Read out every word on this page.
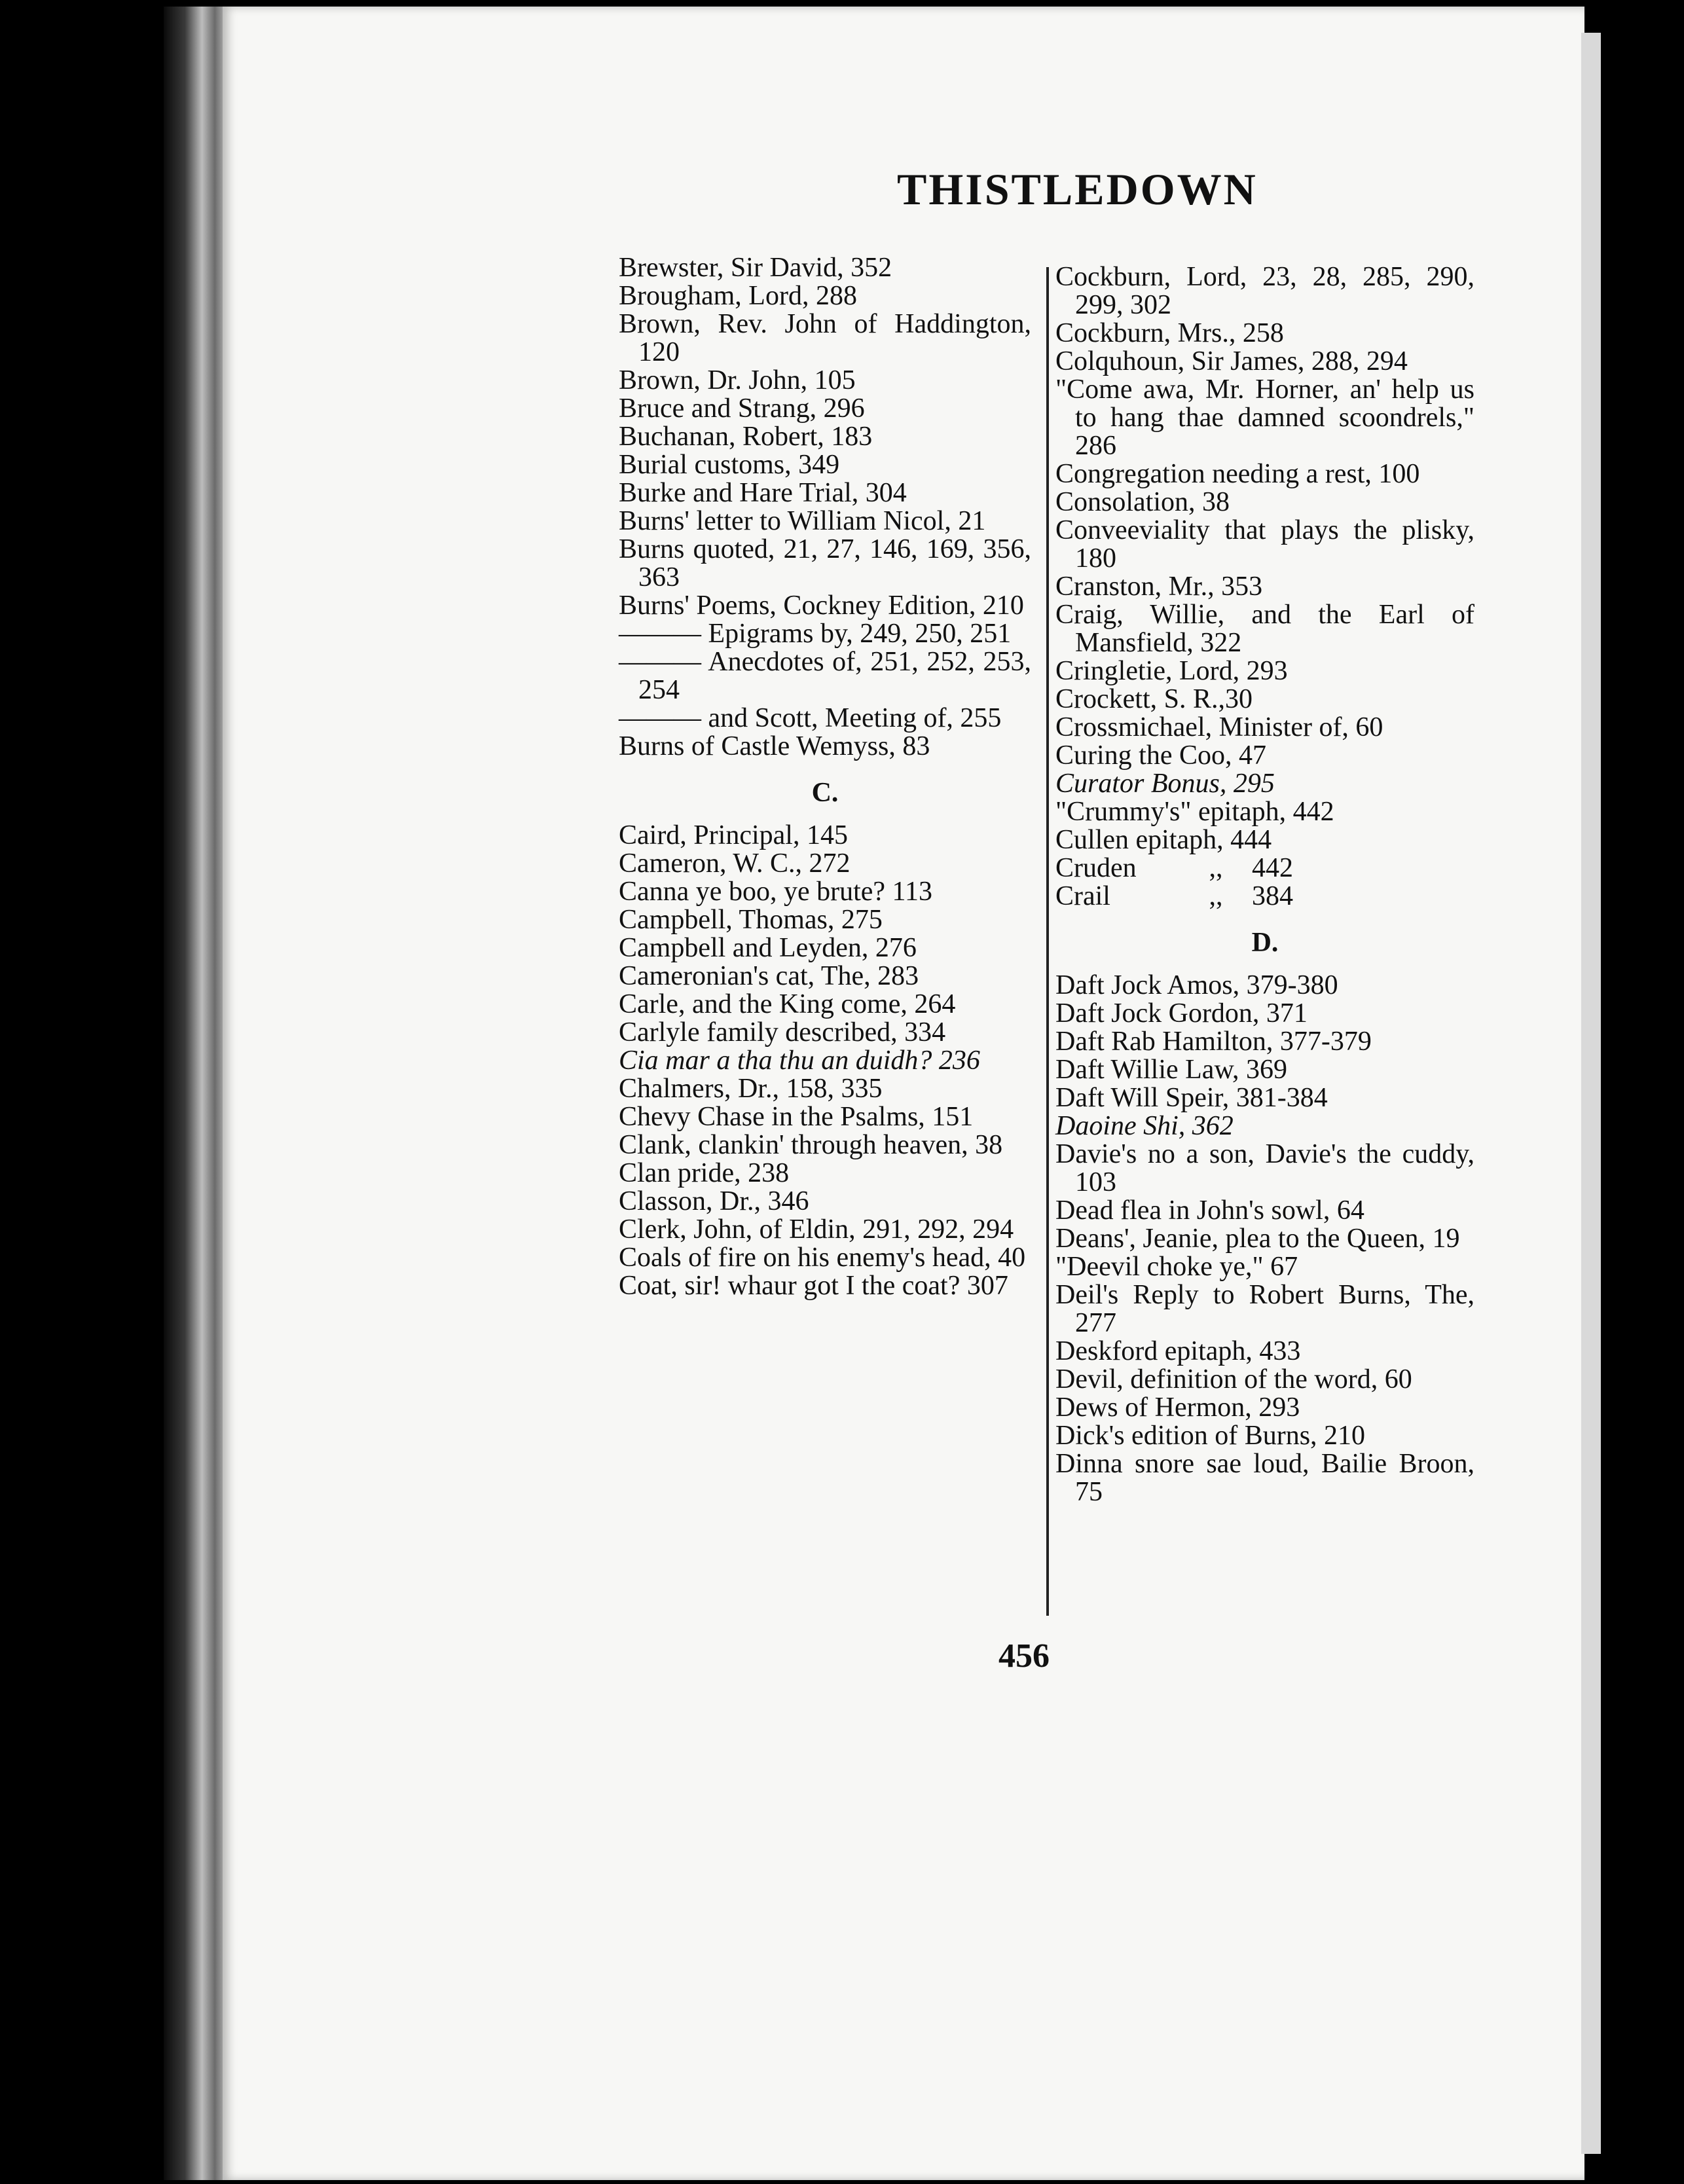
THISTLEDOWN

Brewster, Sir David, 352

Brougham, Lord, 288

Brown, Rev. John of Haddington, 120

Brown, Dr. John, 105

Bruce and Strang, 296

Buchanan, Robert, 183

Burial customs, 349

Burke and Hare Trial, 304

Burns' letter to William Nicol, 21

Burns quoted, 21, 27, 146, 169, 356, 363

Burns' Poems, Cockney Edition, 210

——— Epigrams by, 249, 250, 251

——— Anecdotes of, 251, 252, 253, 254

——— and Scott, Meeting of, 255

Burns of Castle Wemyss, 83

C.

Caird, Principal, 145

Cameron, W. C., 272

Canna ye boo, ye brute? 113

Campbell, Thomas, 275

Campbell and Leyden, 276

Cameronian's cat, The, 283

Carle, and the King come, 264

Carlyle family described, 334

Cia mar a tha thu an duidh? 236

Chalmers, Dr., 158, 335

Chevy Chase in the Psalms, 151

Clank, clankin' through heaven, 38

Clan pride, 238

Classon, Dr., 346

Clerk, John, of Eldin, 291, 292, 294

Coals of fire on his enemy's head, 40

Coat, sir! whaur got I the coat? 307

Cockburn, Lord, 23, 28, 285, 290, 299, 302

Cockburn, Mrs., 258

Colquhoun, Sir James, 288, 294

"Come awa, Mr. Horner, an' help us to hang thae damned scoondrels," 286

Congregation needing a rest, 100

Consolation, 38

Conveeviality that plays the plisky, 180

Cranston, Mr., 353

Craig, Willie, and the Earl of Mansfield, 322

Cringletie, Lord, 293

Crockett, S. R.,30

Crossmichael, Minister of, 60

Curing the Coo, 47

Curator Bonus, 295

"Crummy's" epitaph, 442

Cullen epitaph, 444

Cruden	,,	442
Crail	,,	384

D.

Daft Jock Amos, 379-380

Daft Jock Gordon, 371

Daft Rab Hamilton, 377-379

Daft Willie Law, 369

Daft Will Speir, 381-384

Daoine Shi, 362

Davie's no a son, Davie's the cuddy, 103

Dead flea in John's sowl, 64

Deans', Jeanie, plea to the Queen, 19

"Deevil choke ye," 67

Deil's Reply to Robert Burns, The, 277

Deskford epitaph, 433

Devil, definition of the word, 60

Dews of Hermon, 293

Dick's edition of Burns, 210

Dinna snore sae loud, Bailie Broon, 75

456
